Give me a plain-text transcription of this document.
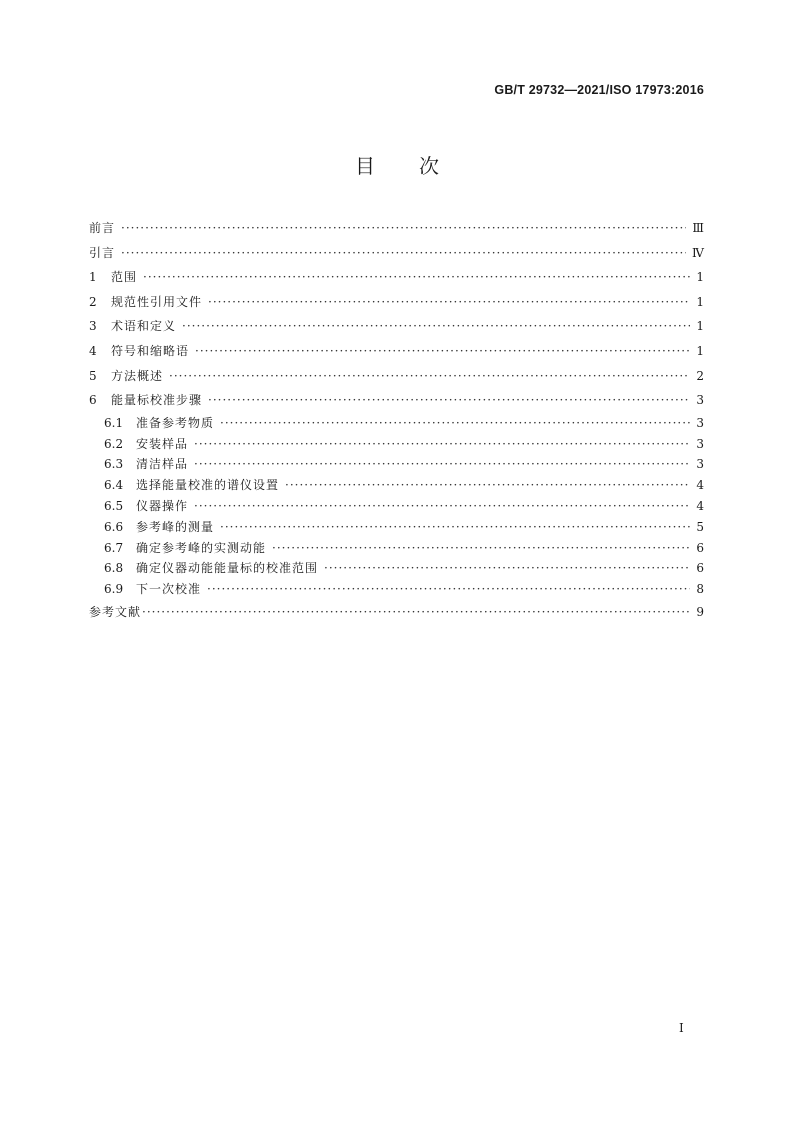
GB/T 29732—2021/ISO 17973:2016
目次
前言 ·····	Ⅲ
引言 ·····	Ⅳ
1	范围 ·····	1
2	规范性引用文件 ·····	1
3	术语和定义 ·····	1
4	符号和缩略语 ·····	1
5	方法概述 ·····	2
6	能量标校准步骤 ·····	3
6.1	准备参考物质 ·····	3
6.2	安装样品 ·····	3
6.3	清洁样品 ·····	3
6.4	选择能量校准的谱仪设置 ·····	4
6.5	仪器操作 ·····	4
6.6	参考峰的测量 ·····	5
6.7	确定参考峰的实测动能 ·····	6
6.8	确定仪器动能能量标的校准范围 ·····	6
6.9	下一次校准 ·····	8
参考文献 ·····	9
Ⅰ
